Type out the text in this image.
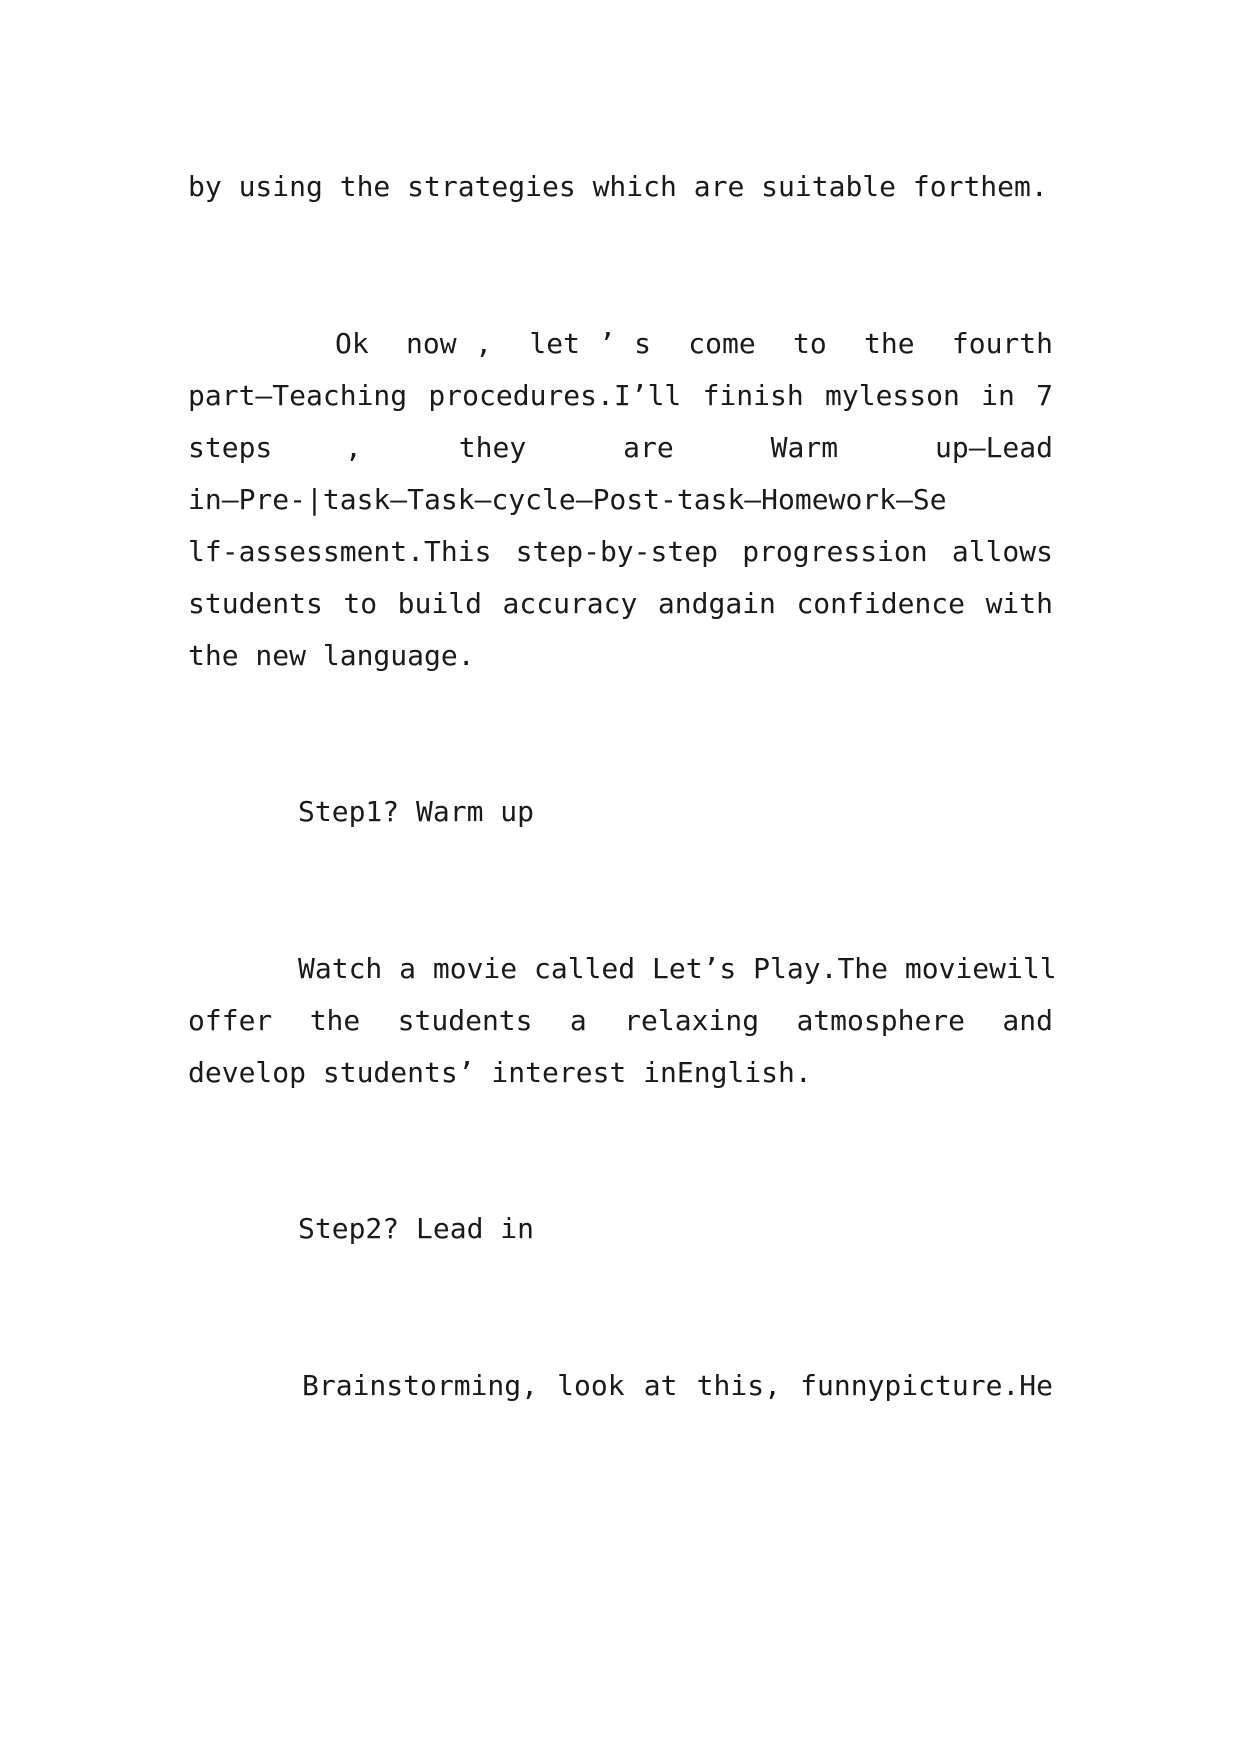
by using the strategies which are suitable forthem.
Ok  now ,  let ’ s  come  to  the  fourth
part—Teaching procedures.I’ll finish mylesson in 7
steps   ,    they    are    Warm    up—Lead
in—Pre-|task—Task—cycle—Post-task—Homework—Se
lf-assessment.This step-by-step progression allows
students to build accuracy andgain confidence with
the new language.
Step1? Warm up
Watch a movie called Let’s Play.The moviewill
offer  the  students  a  relaxing  atmosphere  and
develop students’ interest inEnglish.
Step2? Lead in
Brainstorming, look at this, funnypicture.He
